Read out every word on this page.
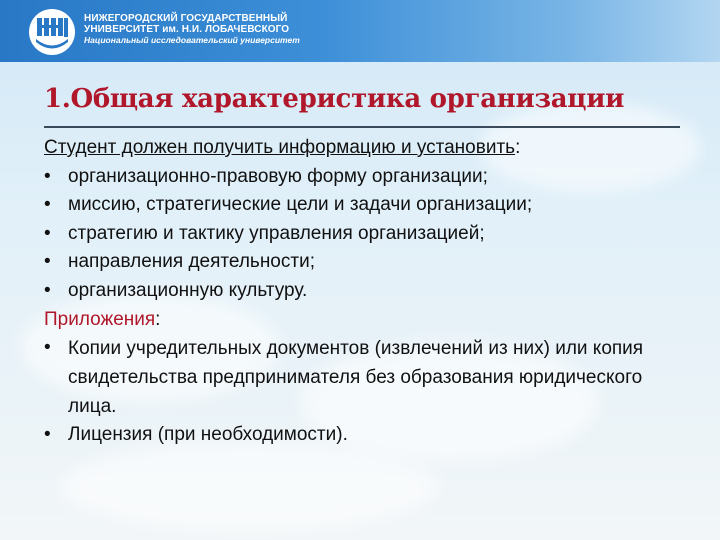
НИЖЕГОРОДСКИЙ ГОСУДАРСТВЕННЫЙ
УНИВЕРСИТЕТ им. Н.И. ЛОБАЧЕВСКОГО
Национальный исследовательский университет
1.Общая характеристика организации
Студент должен получить информацию и установить:
• организационно-правовую форму организации;
• миссию, стратегические цели и задачи организации;
• стратегию и тактику управления организацией;
• направления деятельности;
• организационную культуру.
Приложения:
• Копии учредительных документов (извлечений из них) или копия свидетельства предпринимателя без образования юридического лица.
• Лицензия (при необходимости).
